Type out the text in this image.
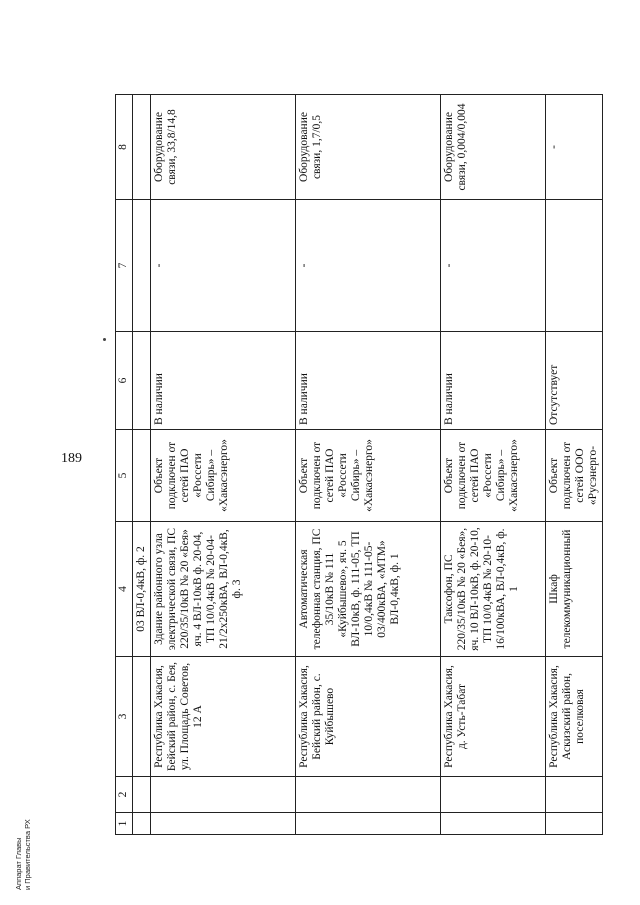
189
1	2	3	4	5	6	7	8
			03 ВЛ-0,4кВ, ф. 2				
		Республика Хакасия, Бейский район, с. Бея, ул. Площадь Советов, 12 А	Здание районного узла электрической связи, ПС 220/35/10кВ № 20 «Бея» яч. 4 ВЛ-10кВ ф. 20-04, ТП 10/0,4кВ № 20-04-21/2х250кВА, ВЛ-0,4кВ, ф. 3	Объект подключен от сетей ПАО «Россети Сибирь» – «Хакасэнерго»	В наличии	-	Оборудование связи, 33,8/14,8
		Республика Хакасия, Бейский район, с. Куйбышево	Автоматическая телефонная станция, ПС 35/10кВ № 111 «Куйбышево», яч. 5 ВЛ-10кВ, ф. 111-05, ТП 10/0,4кВ № 111-05-03/400кВА, «МТМ» ВЛ-0,4кВ, ф. 1	Объект подключен от сетей ПАО «Россети Сибирь» – «Хакасэнерго»	В наличии	-	Оборудование связи, 1,7/0,5
		Республика Хакасия, д. Усть-Табат	Таксофон, ПС 220/35/10кВ № 20 «Бея», яч. 10 ВЛ-10кВ, ф. 20-10, ТП 10/0,4кВ № 20-10-16/100кВА, ВЛ-0,4кВ, ф. 1	Объект подключен от сетей ПАО «Россети Сибирь» – «Хакасэнерго»	В наличии	-	Оборудование связи, 0,004/0,004
		Республика Хакасия, Аскизский район, поселковая	Шкаф телекоммуникационный	Объект подключен от сетей ООО «Русэнерго-	Отсутствует		-
Аппарат Главы и Правительства РХ
